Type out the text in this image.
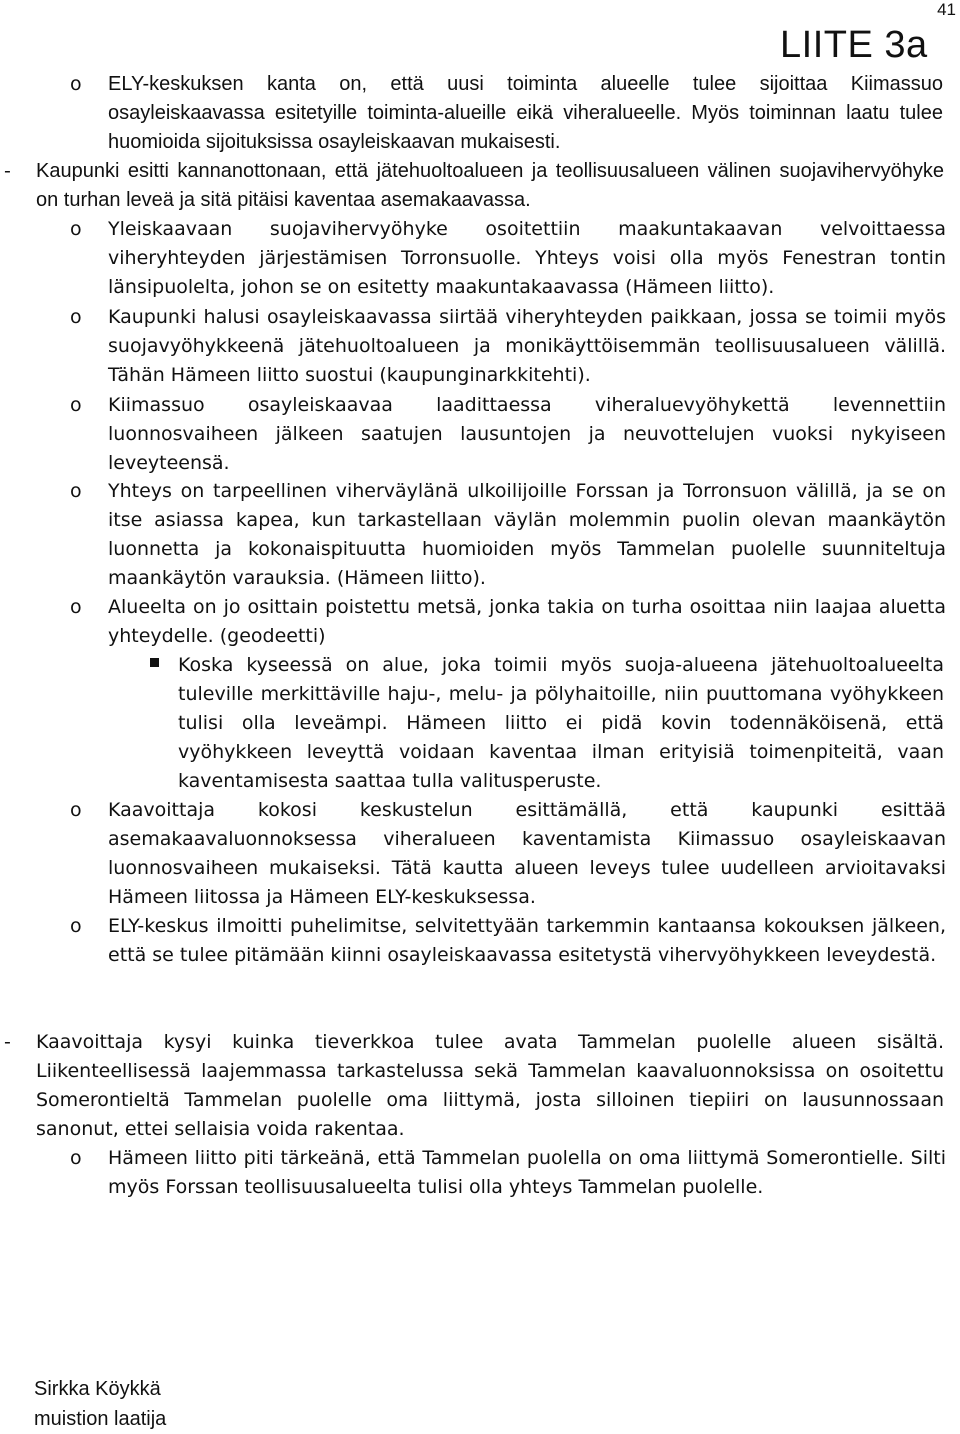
41
LIITE 3a
o ELY-keskuksen kanta on, että uusi toiminta alueelle tulee sijoittaa Kiimassuo osayleiskaavassa esitetyille toiminta-alueille eikä viheralueelle. Myös toiminnan laatu tulee huomioida sijoituksissa osayleiskaavan mukaisesti.

- Kaupunki esitti kannanottonaan, että jätehuoltoalueen ja teollisuusalueen välinen suojavihervyöhyke on turhan leveä ja sitä pitäisi kaventaa asemakaavassa.

o Yleiskaavaan suojavihervyöhyke osoitettiin maakuntakaavan velvoittaessa viheryhteyden järjestämisen Torronsuolle. Yhteys voisi olla myös Fenestran tontin länsipuolelta, johon se on esitetty maakuntakaavassa (Hämeen liitto).

o Kaupunki halusi osayleiskaavassa siirtää viheryhteyden paikkaan, jossa se toimii myös suojavyöhykkeenä jätehuoltoalueen ja monikäyttöisemmän teollisuusalueen välillä. Tähän Hämeen liitto suostui (kaupunginarkkitehti).

o Kiimassuo osayleiskaavaa laadittaessa viheraluevyöhykettä levennettiin luonnosvaiheen jälkeen saatujen lausuntojen ja neuvottelujen vuoksi nykyiseen leveyteensä.

o Yhteys on tarpeellinen viherväylänä ulkoilijoille Forssan ja Torronsuon välillä, ja se on itse asiassa kapea, kun tarkastellaan väylän molemmin puolin olevan maankäytön luonnetta ja kokonaispituutta huomioiden myös Tammelan puolelle suunniteltuja maankäytön varauksia. (Hämeen liitto).

o Alueelta on jo osittain poistettu metsä, jonka takia on turha osoittaa niin laajaa aluetta yhteydelle. (geodeetti)

Koska kyseessä on alue, joka toimii myös suoja-alueena jätehuoltoalueelta tuleville merkittäville haju-, melu- ja pölyhaitoille, niin puuttomana vyöhykkeen tulisi olla leveämpi. Hämeen liitto ei pidä kovin todennäköisenä, että vyöhykkeen leveyttä voidaan kaventaa ilman erityisiä toimenpiteitä, vaan kaventamisesta saattaa tulla valitusperuste.

o Kaavoittaja kokosi keskustelun esittämällä, että kaupunki esittää asemakaavaluonnoksessa viheralueen kaventamista Kiimassuo osayleiskaavan luonnosvaiheen mukaiseksi. Tätä kautta alueen leveys tulee uudelleen arvioitavaksi Hämeen liitossa ja Hämeen ELY-keskuksessa.

o ELY-keskus ilmoitti puhelimitse, selvitettyään tarkemmin kantaansa kokouksen jälkeen, että se tulee pitämään kiinni osayleiskaavassa esitetystä vihervyöhykkeen leveydestä.

- Kaavoittaja kysyi kuinka tieverkkoa tulee avata Tammelan puolelle alueen sisältä. Liikenteellisessä laajemmassa tarkastelussa sekä Tammelan kaavaluonnoksissa on osoitettu Somerontieltä Tammelan puolelle oma liittymä, josta silloinen tiepiiri on lausunnossaan sanonut, ettei sellaisia voida rakentaa.

o Hämeen liitto piti tärkeänä, että Tammelan puolella on oma liittymä Somerontielle. Silti myös Forssan teollisuusalueelta tulisi olla yhteys Tammelan puolelle.

Sirkka Köykkä
muistion laatija
